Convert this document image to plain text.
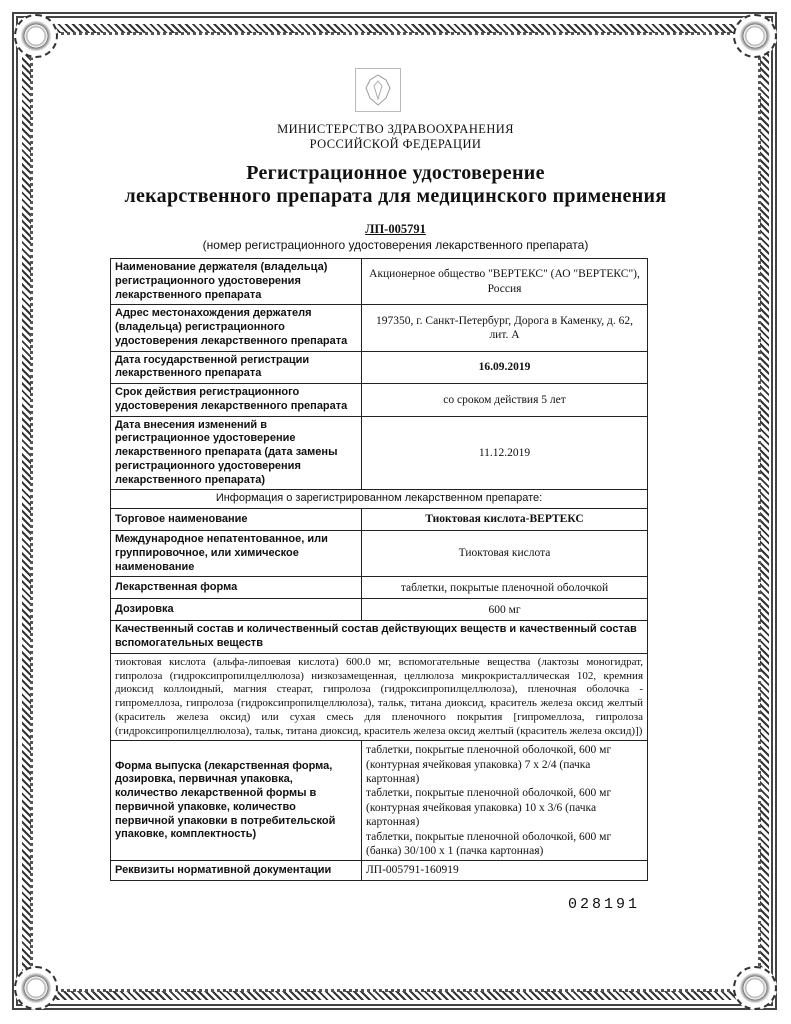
МИНИСТЕРСТВО ЗДРАВООХРАНЕНИЯ
РОССИЙСКОЙ ФЕДЕРАЦИИ
Регистрационное удостоверение
лекарственного препарата для медицинского применения
ЛП-005791
(номер регистрационного удостоверения лекарственного препарата)
Наименование держателя (владельца) регистрационного удостоверения лекарственного препарата	Акционерное общество "ВЕРТЕКС" (АО "ВЕРТЕКС"), Россия
Адрес местонахождения держателя (владельца) регистрационного удостоверения лекарственного препарата	197350, г. Санкт-Петербург, Дорога в Каменку, д. 62, лит. А
Дата государственной регистрации лекарственного препарата	16.09.2019
Срок действия регистрационного удостоверения лекарственного препарата	со сроком действия 5 лет
Дата внесения изменений в регистрационное удостоверение лекарственного препарата (дата замены регистрационного удостоверения лекарственного препарата)	11.12.2019
Информация о зарегистрированном лекарственном препарате:	
Торговое наименование	Тиоктовая кислота-ВЕРТЕКС
Международное непатентованное, или группировочное, или химическое наименование	Тиоктовая кислота
Лекарственная форма	таблетки, покрытые пленочной оболочкой
Дозировка	600 мг
Качественный состав и количественный состав действующих веществ и качественный состав вспомогательных веществ	
тиоктовая кислота (альфа-липоевая кислота) 600.0 мг, вспомогательные вещества (лактозы моногидрат, гипролоза (гидроксипропилцеллюлоза) низкозамещенная, целлюлоза микрокристаллическая 102, кремния диоксид коллоидный, магния стеарат, гипролоза (гидроксипропилцеллюлоза), пленочная оболочка - гипромеллоза, гипролоза (гидроксипропилцеллюлоза), тальк, титана диоксид, краситель железа оксид желтый (краситель железа оксид) или сухая смесь для пленочного покрытия [гипромеллоза, гипролоза (гидроксипропилцеллюлоза), тальк, титана диоксид, краситель железа оксид желтый (краситель железа оксид)])	
Форма выпуска (лекарственная форма, дозировка, первичная упаковка, количество лекарственной формы в первичной упаковке, количество первичной упаковки в потребительской упаковке, комплектность)	таблетки, покрытые пленочной оболочкой, 600 мг (контурная ячейковая упаковка) 7 х 2/4 (пачка картонная)
таблетки, покрытые пленочной оболочкой, 600 мг (контурная ячейковая упаковка) 10 х 3/6 (пачка картонная)
таблетки, покрытые пленочной оболочкой, 600 мг (банка) 30/100 х 1 (пачка картонная)

Реквизиты нормативной документации	ЛП-005791-160919
028191
